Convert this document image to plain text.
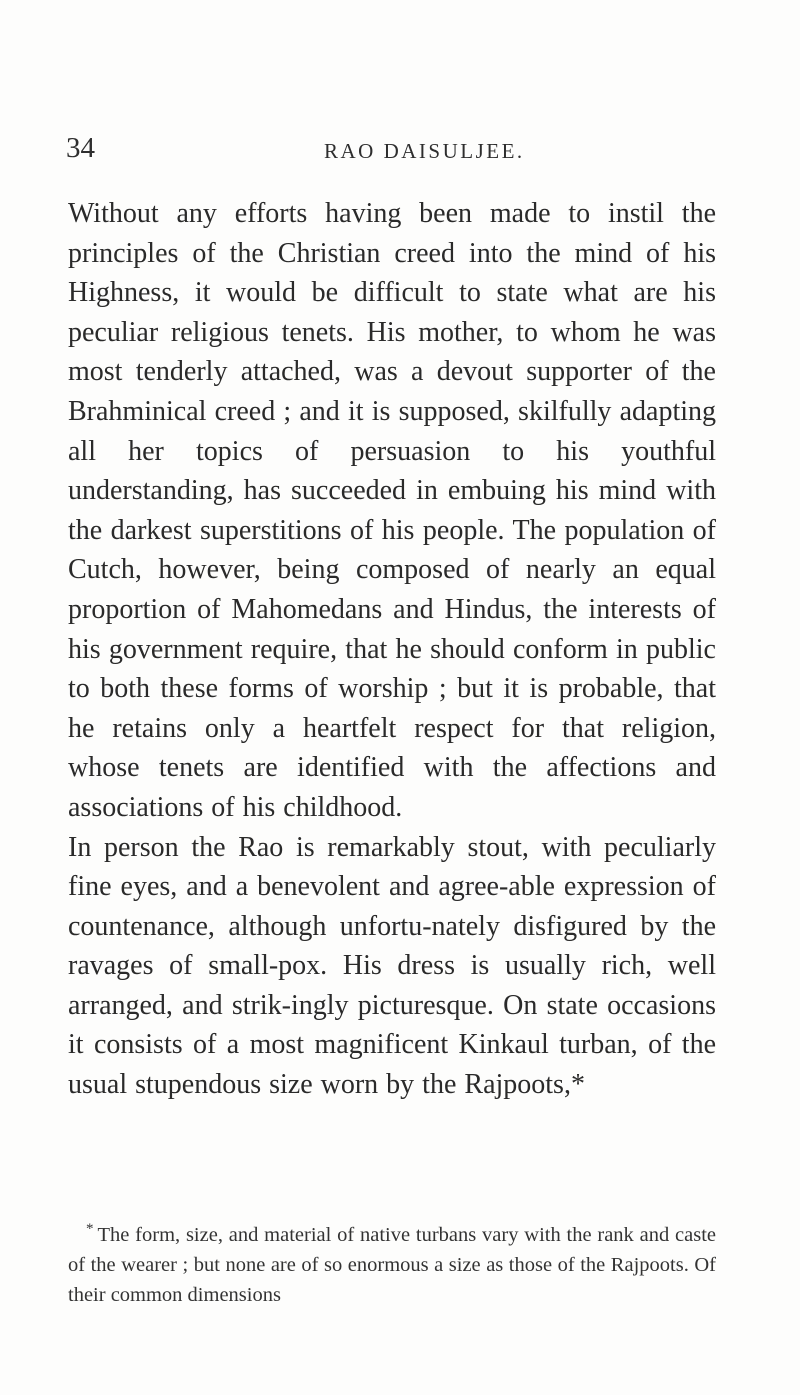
34	RAO DAISULJEE.

Without any efforts having been made to instil the principles of the Christian creed into the mind of his Highness, it would be difficult to state what are his peculiar religious tenets. His mother, to whom he was most tenderly attached, was a devout supporter of the Brahminical creed ; and it is supposed, skilfully adapting all her topics of persuasion to his youthful understanding, has succeeded in embuing his mind with the darkest superstitions of his people. The population of Cutch, however, being composed of nearly an equal proportion of Mahomedans and Hindus, the interests of his government require, that he should conform in public to both these forms of worship ; but it is probable, that he retains only a heartfelt respect for that religion, whose tenets are identified with the affections and associations of his childhood.

In person the Rao is remarkably stout, with peculiarly fine eyes, and a benevolent and agree-able expression of countenance, although unfortu-nately disfigured by the ravages of small-pox. His dress is usually rich, well arranged, and strik-ingly picturesque. On state occasions it consists of a most magnificent Kinkaul turban, of the usual stupendous size worn by the Rajpoots,*

* The form, size, and material of native turbans vary with the rank and caste of the wearer ; but none are of so enormous a size as those of the Rajpoots. Of their common dimensions
